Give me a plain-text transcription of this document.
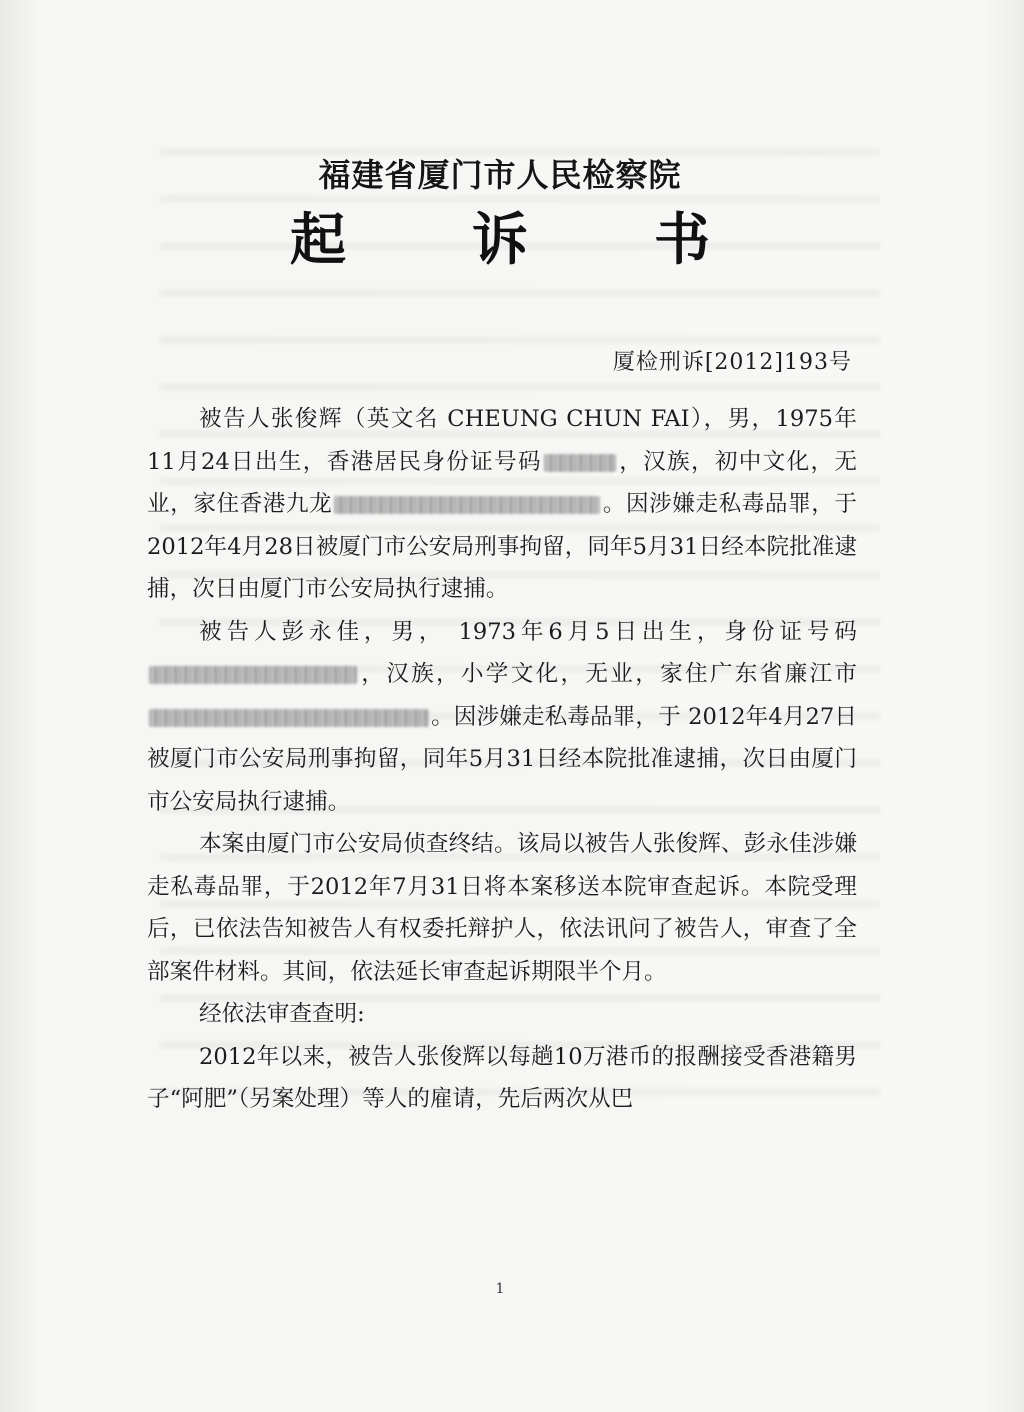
福建省厦门市人民检察院
起 诉 书
厦检刑诉[2012]193号

被告人张俊辉（英文名 CHEUNG CHUN FAI），男，1975年11月24日出生，香港居民身份证号码	，汉族，初中文化，无业，家住香港九龙	。因涉嫌走私毒品罪，于2012年4月28日被厦门市公安局刑事拘留，同年5月31日经本院批准逮捕，次日由厦门市公安局执行逮捕。

被告人彭永佳，男， 1973年6月5日出生，身份证号码，汉族，小学文化，无业，家住广东省廉江市。因涉嫌走私毒品罪，于 2012年4月27日被厦门市公安局刑事拘留，同年5月31日经本院批准逮捕，次日由厦门市公安局执行逮捕。

本案由厦门市公安局侦查终结。该局以被告人张俊辉、彭永佳涉嫌走私毒品罪，于2012年7月31日将本案移送本院审查起诉。本院受理后，已依法告知被告人有权委托辩护人，依法讯问了被告人，审查了全部案件材料。其间，依法延长审查起诉期限半个月。

经依法审查查明:

2012年以来，被告人张俊辉以每趟10万港币的报酬接受香港籍男子“阿肥”（另案处理）等人的雇请，先后两次从巴

1
